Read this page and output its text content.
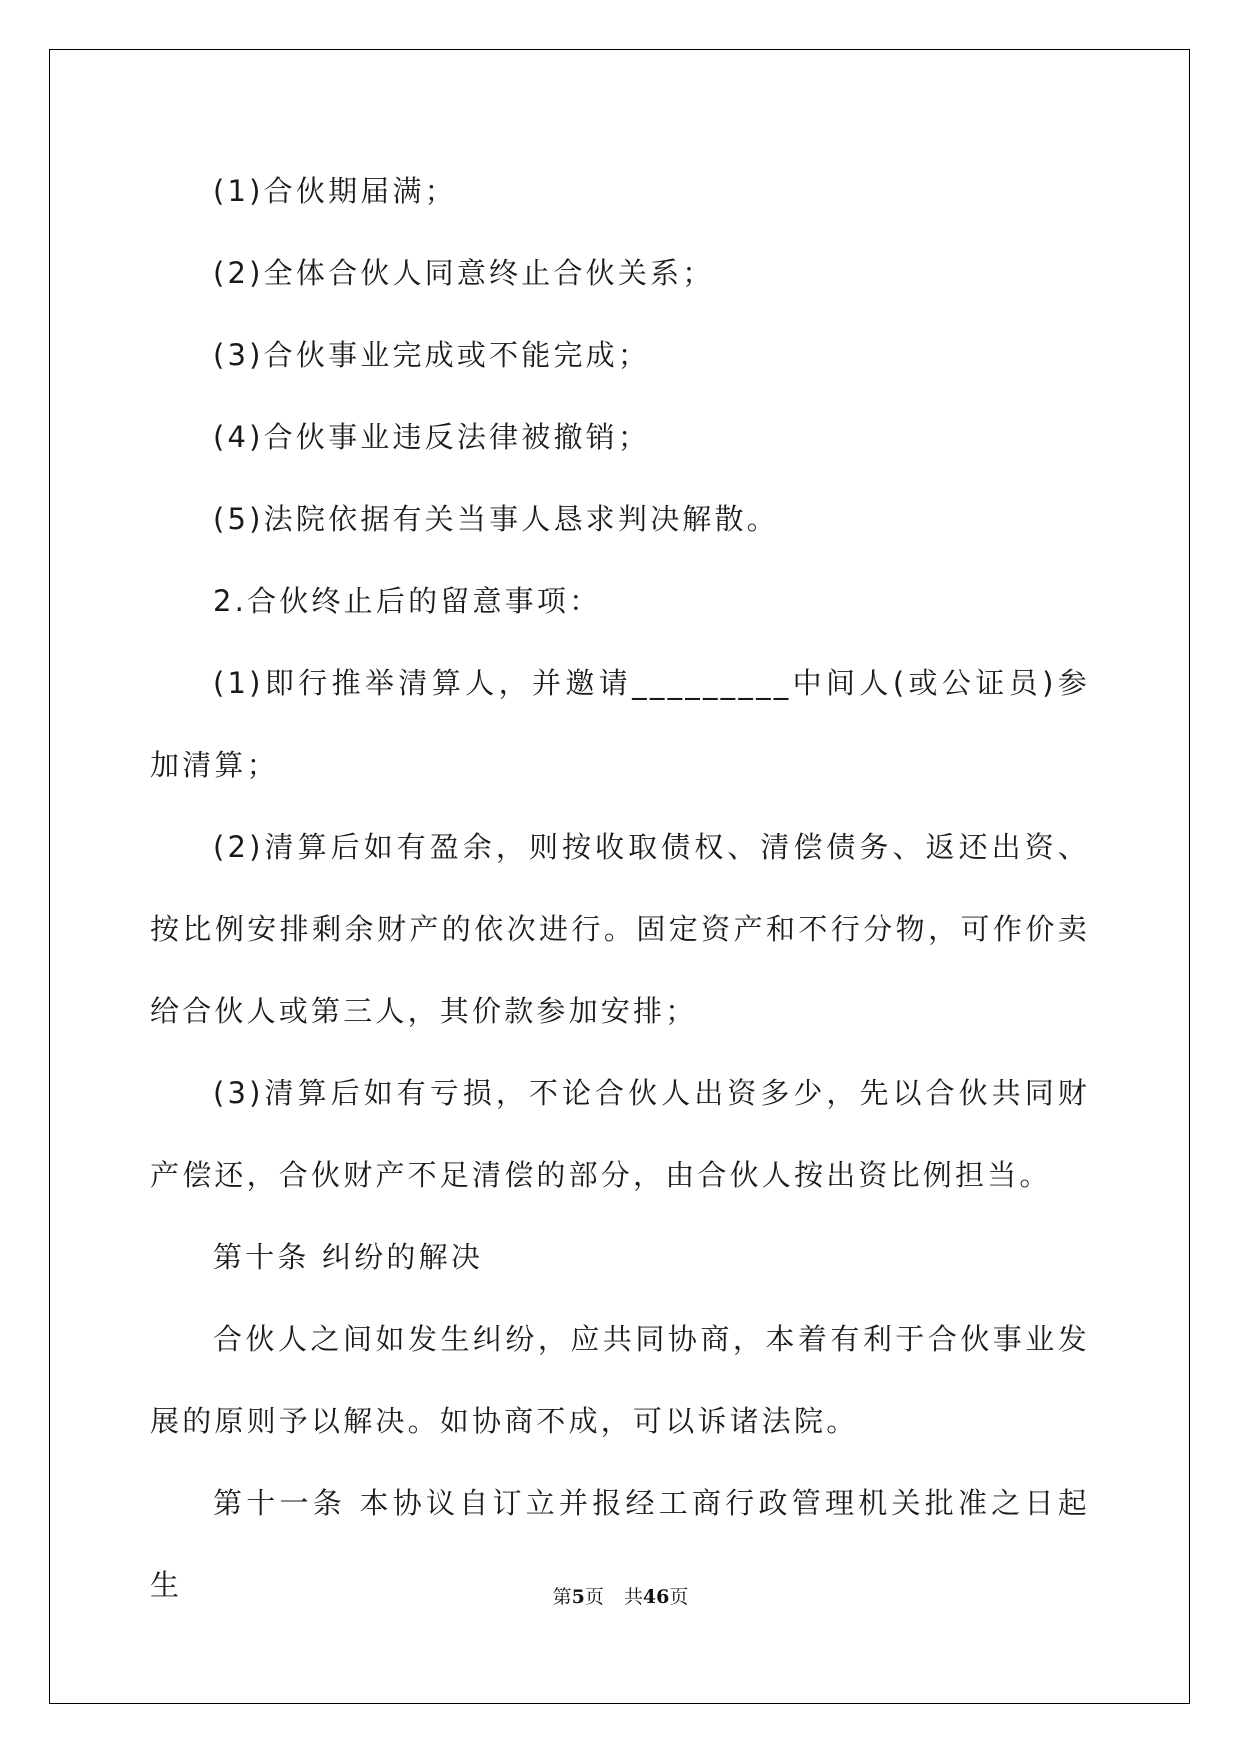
(1)合伙期届满；

(2)全体合伙人同意终止合伙关系；

(3)合伙事业完成或不能完成；

(4)合伙事业违反法律被撤销；

(5)法院依据有关当事人恳求判决解散。

2.合伙终止后的留意事项：

(1)即行推举清算人，并邀请_________中间人(或公证员)参加清算；

(2)清算后如有盈余，则按收取债权、清偿债务、返还出资、按比例安排剩余财产的依次进行。固定资产和不行分物，可作价卖给合伙人或第三人，其价款参加安排；

(3)清算后如有亏损，不论合伙人出资多少，先以合伙共同财产偿还，合伙财产不足清偿的部分，由合伙人按出资比例担当。

第十条 纠纷的解决

合伙人之间如发生纠纷，应共同协商，本着有利于合伙事业发展的原则予以解决。如协商不成，可以诉诸法院。

第十一条 本协议自订立并报经工商行政管理机关批准之日起生	第5页 共46页
